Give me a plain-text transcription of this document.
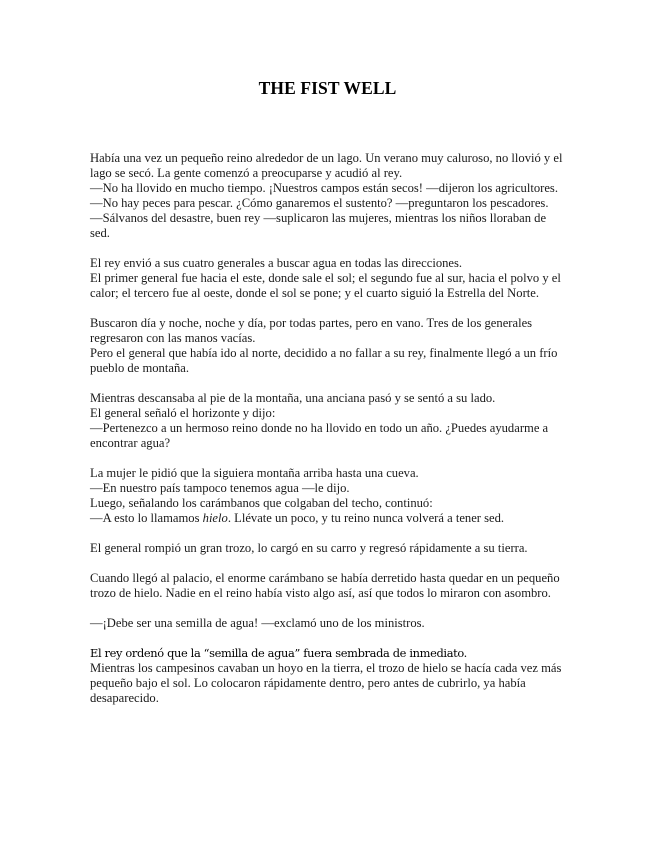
THE FIST WELL

Había una vez un pequeño reino alrededor de un lago. Un verano muy caluroso, no llovió y el lago se secó. La gente comenzó a preocuparse y acudió al rey.
—No ha llovido en mucho tiempo. ¡Nuestros campos están secos! —dijeron los agricultores.
—No hay peces para pescar. ¿Cómo ganaremos el sustento? —preguntaron los pescadores.
—Sálvanos del desastre, buen rey —suplicaron las mujeres, mientras los niños lloraban de sed.

El rey envió a sus cuatro generales a buscar agua en todas las direcciones.
El primer general fue hacia el este, donde sale el sol; el segundo fue al sur, hacia el polvo y el calor; el tercero fue al oeste, donde el sol se pone; y el cuarto siguió la Estrella del Norte.

Buscaron día y noche, noche y día, por todas partes, pero en vano. Tres de los generales regresaron con las manos vacías.
Pero el general que había ido al norte, decidido a no fallar a su rey, finalmente llegó a un frío pueblo de montaña.

Mientras descansaba al pie de la montaña, una anciana pasó y se sentó a su lado.
El general señaló el horizonte y dijo:
—Pertenezco a un hermoso reino donde no ha llovido en todo un año. ¿Puedes ayudarme a encontrar agua?

La mujer le pidió que la siguiera montaña arriba hasta una cueva.
—En nuestro país tampoco tenemos agua —le dijo.
Luego, señalando los carámbanos que colgaban del techo, continuó:
—A esto lo llamamos hielo. Llévate un poco, y tu reino nunca volverá a tener sed.

El general rompió un gran trozo, lo cargó en su carro y regresó rápidamente a su tierra.

Cuando llegó al palacio, el enorme carámbano se había derretido hasta quedar en un pequeño trozo de hielo. Nadie en el reino había visto algo así, así que todos lo miraron con asombro.

—¡Debe ser una semilla de agua! —exclamó uno de los ministros.

El rey ordenó que la “semilla de agua” fuera sembrada de inmediato.
Mientras los campesinos cavaban un hoyo en la tierra, el trozo de hielo se hacía cada vez más pequeño bajo el sol. Lo colocaron rápidamente dentro, pero antes de cubrirlo, ya había desaparecido.
